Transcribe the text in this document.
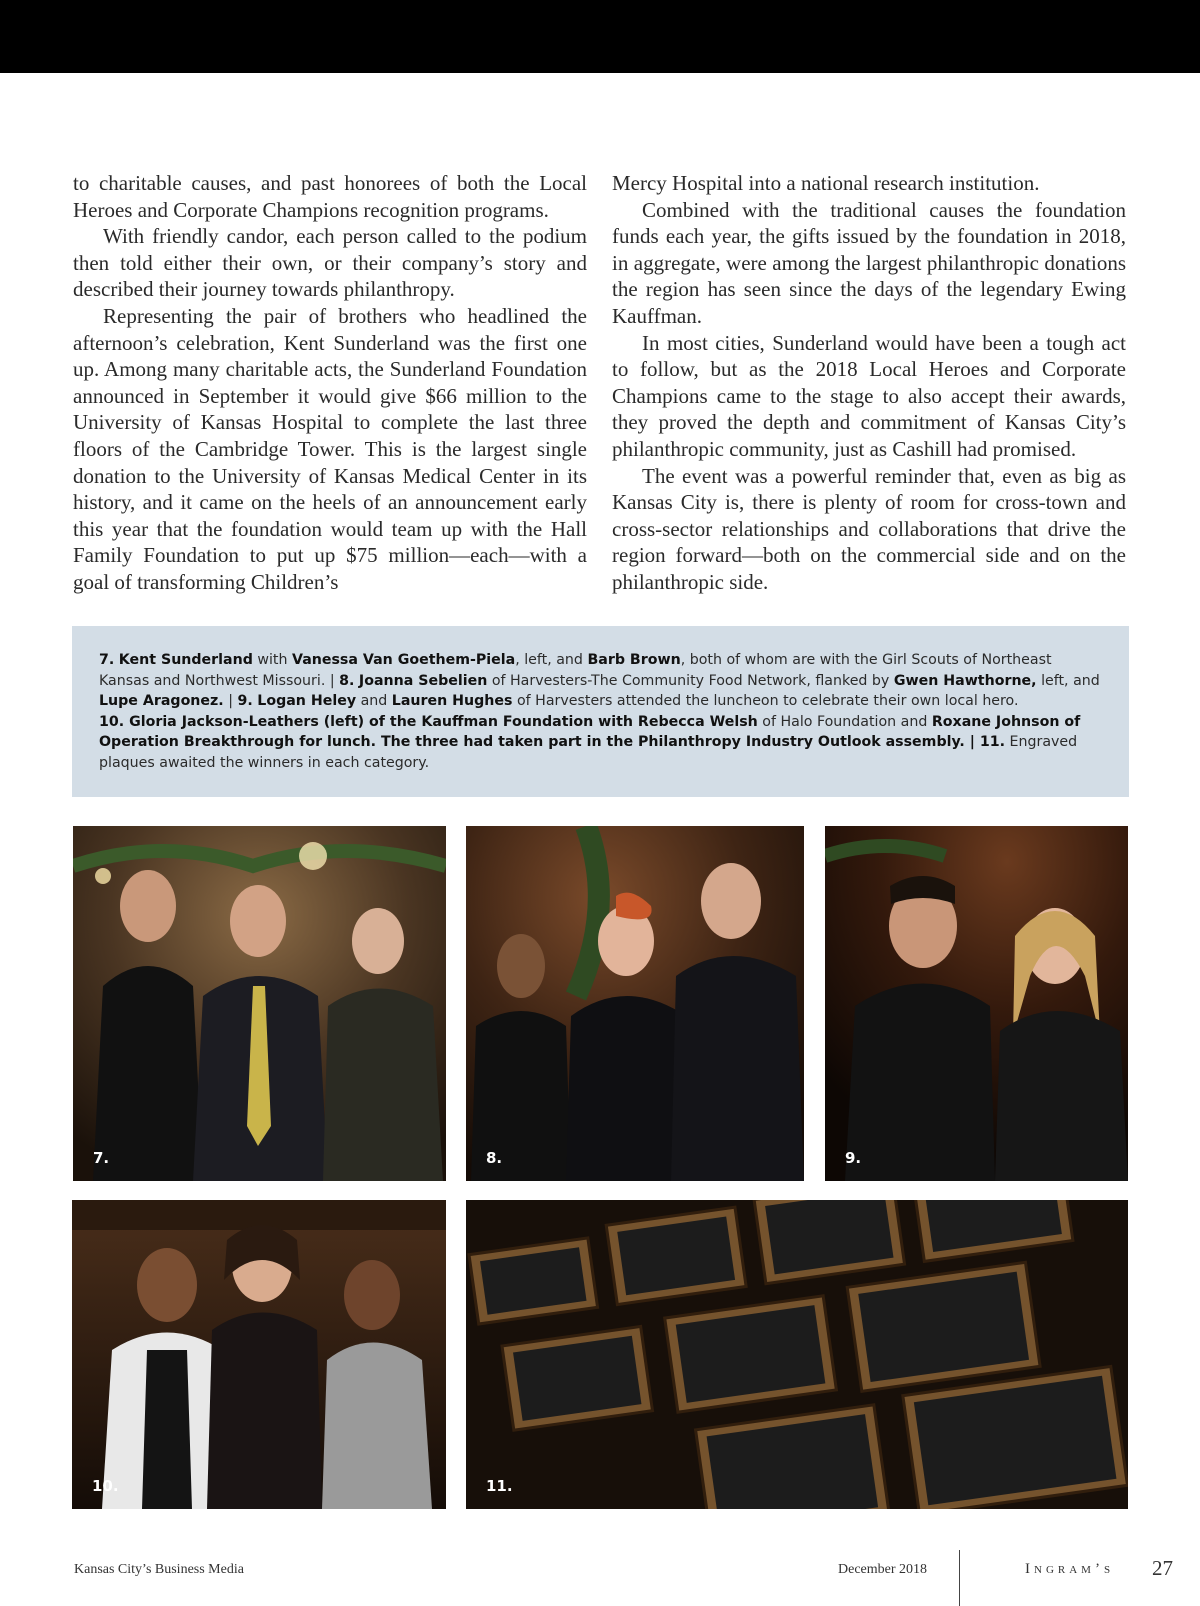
to charitable causes, and past honorees of both the Local Heroes and Corporate Champions recognition programs.

With friendly candor, each person called to the podium then told either their own, or their company’s story and described their journey towards philanthropy.

Representing the pair of brothers who headlined the afternoon’s celebration, Kent Sunderland was the first one up. Among many charitable acts, the Sunderland Foundation announced in September it would give $66 million to the University of Kansas Hospital to complete the last three floors of the Cambridge Tower. This is the largest single donation to the University of Kansas Medical Center in its history, and it came on the heels of an announcement early this year that the foundation would team up with the Hall Family Foundation to put up $75 million—each—with a goal of transforming Children’s

Mercy Hospital into a national research institution.

Combined with the traditional causes the foundation funds each year, the gifts issued by the foundation in 2018, in aggregate, were among the largest philanthropic donations the region has seen since the days of the legendary Ewing Kauffman.

In most cities, Sunderland would have been a tough act to follow, but as the 2018 Local Heroes and Corporate Champions came to the stage to also accept their awards, they proved the depth and commitment of Kansas City’s philanthropic community, just as Cashill had promised.

The event was a powerful reminder that, even as big as Kansas City is, there is plenty of room for cross-town and cross-sector relationships and collaborations that drive the region forward—both on the commercial side and on the philanthropic side.

7. Kent Sunderland with Vanessa Van Goethem-Piela, left, and Barb Brown, both of whom are with the Girl Scouts of Northeast Kansas and Northwest Missouri. | 8. Joanna Sebelien of Harvesters-The Community Food Network, flanked by Gwen Hawthorne, left, and Lupe Aragonez. | 9. Logan Heley and Lauren Hughes of Harvesters attended the luncheon to celebrate their own local hero.
10. Gloria Jackson-Leathers (left) of the Kauffman Foundation with Rebecca Welsh of Halo Foundation and Roxane Johnson of Operation Breakthrough for lunch. The three had taken part in the Philanthropy Industry Outlook assembly. | 11. Engraved plaques awaited the winners in each category.
7.	8.	9.
10.	11.
Kansas City’s Business Media	December 2018	Ingram’s 27
